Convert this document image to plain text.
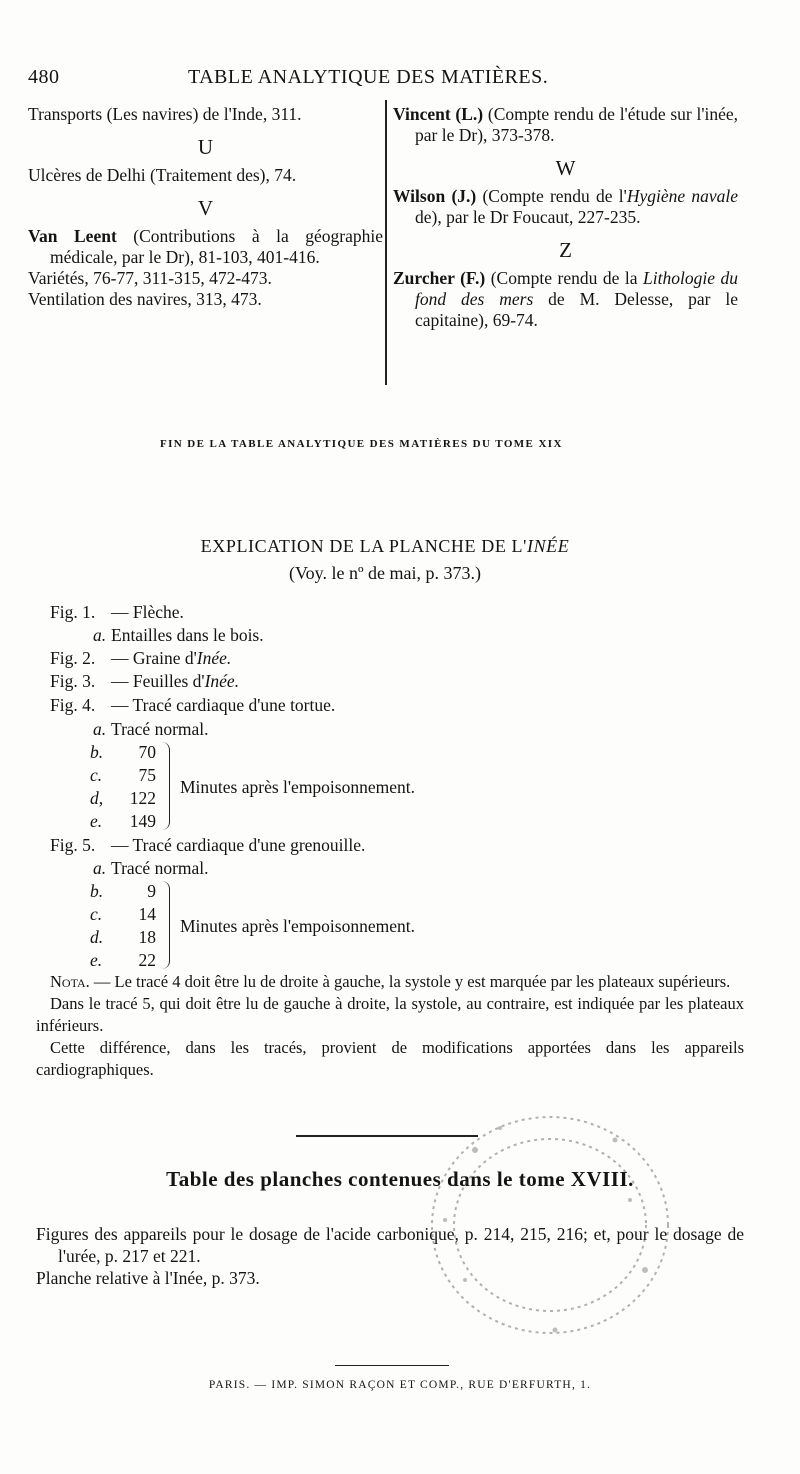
480	TABLE ANALYTIQUE DES MATIÈRES.

Transports (Les navires) de l'Inde, 311.

U

Ulcères de Delhi (Traitement des), 74.

V

Van Leent (Contributions à la géographie médicale, par le Dr), 81-103, 401-416.

Variétés, 76-77, 311-315, 472-473.

Ventilation des navires, 313, 473.

Vincent (L.) (Compte rendu de l'étude sur l'inée, par le Dr), 373-378.

W

Wilson (J.) (Compte rendu de l'Hygiène navale de), par le Dr Foucaut, 227-235.

Z

Zurcher (F.) (Compte rendu de la Lithologie du fond des mers de M. Delesse, par le capitaine), 69-74.

FIN DE LA TABLE ANALYTIQUE DES MATIÈRES DU TOME XIX
EXPLICATION DE LA PLANCHE DE L'INÉE
(Voy. le nº de mai, p. 373.)
Fig. 1. — Flèche.
a. Entailles dans le bois.
Fig. 2. — Graine d'Inée.
Fig. 3. — Feuilles d'Inée.
Fig. 4. — Tracé cardiaque d'une tortue.
a. Tracé normal.
b.	70
c.	75
d,	122
e.	149
Minutes après l'empoisonnement.
Fig. 5. — Tracé cardiaque d'une grenouille.
a. Tracé normal.
b.	9
c.	14
d.	18
e.	22
Minutes après l'empoisonnement.

Nota. — Le tracé 4 doit être lu de droite à gauche, la systole y est marquée par les plateaux supérieurs.

Dans le tracé 5, qui doit être lu de gauche à droite, la systole, au contraire, est indiquée par les plateaux inférieurs.

Cette différence, dans les tracés, provient de modifications apportées dans les appareils cardiographiques.

Table des planches contenues dans le tome XVIII.

Figures des appareils pour le dosage de l'acide carbonique, p. 214, 215, 216; et, pour le dosage de l'urée, p. 217 et 221.

Planche relative à l'Inée, p. 373.

PARIS. — IMP. SIMON RAÇON ET COMP., RUE D'ERFURTH, 1.
